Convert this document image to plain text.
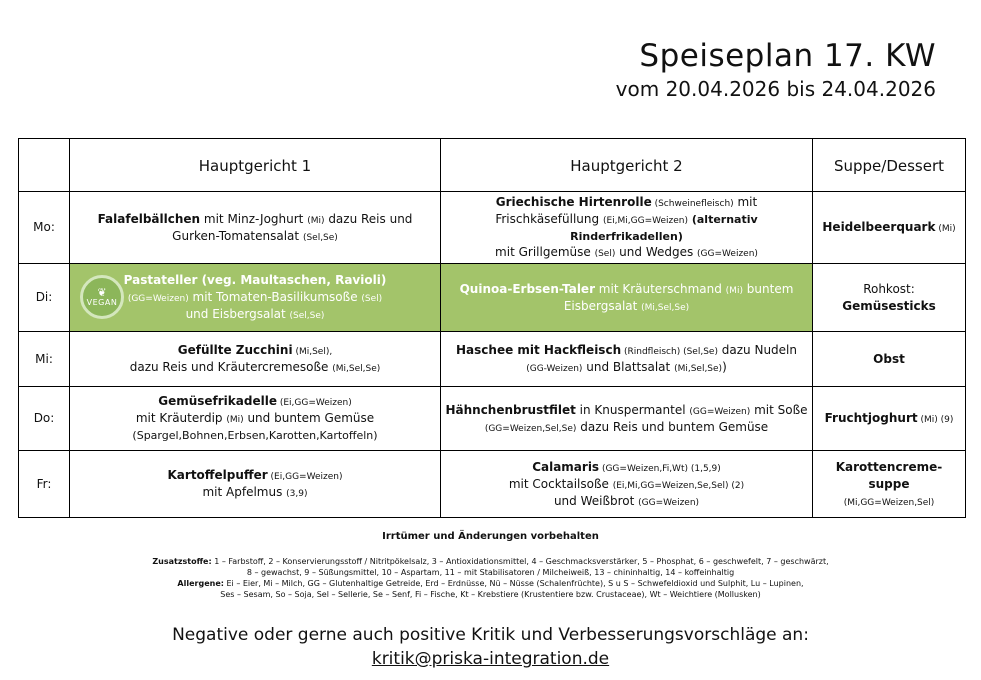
Speiseplan 17. KW
vom 20.04.2026 bis 24.04.2026
	Hauptgericht 1	Hauptgericht 2	Suppe/Dessert
Mo:	Falafelbällchen mit Minz-Joghurt (Mi) dazu Reis und
Gurken-Tomatensalat (Sel,Se)	Griechische Hirtenrolle (Schweinefleisch) mit
Frischkäsefüllung (Ei,Mi,GG=Weizen) (alternativ Rinderfrikadellen)
mit Grillgemüse (Sel) und Wedges (GG=Weizen)	Heidelbeerquark (Mi)
Di:	❦
VEGAN
Pastateller (veg. Maultaschen, Ravioli)
(GG=Weizen) mit Tomaten-Basilikumsoße (Sel)
und Eisbergsalat (Sel,Se)	Quinoa-Erbsen-Taler mit Kräuterschmand (Mi) buntem
Eisbergsalat (Mi,Sel,Se)	Rohkost:
Gemüsesticks
Mi:	Gefüllte Zucchini (Mi,Sel),
dazu Reis und Kräutercremesoße (Mi,Sel,Se)	Haschee mit Hackfleisch (Rindfleisch) (Sel,Se) dazu Nudeln
(GG-Weizen) und Blattsalat (Mi,Sel,Se))	Obst
Do:	Gemüsefrikadelle (Ei,GG=Weizen)
mit Kräuterdip (Mi) und buntem Gemüse
(Spargel,Bohnen,Erbsen,Karotten,Kartoffeln)	Hähnchenbrustfilet in Knuspermantel (GG=Weizen) mit Soße
(GG=Weizen,Sel,Se) dazu Reis und buntem Gemüse	Fruchtjoghurt (Mi) (9)
Fr:	Kartoffelpuffer (Ei,GG=Weizen)
mit Apfelmus (3,9)	Calamaris (GG=Weizen,Fi,Wt) (1,5,9)
mit Cocktailsoße (Ei,Mi,GG=Weizen,Se,Sel) (2)
und Weißbrot (GG=Weizen)	Karottencreme-
suppe
(Mi,GG=Weizen,Sel)
Irrtümer und Änderungen vorbehalten
Zusatzstoffe: 1 – Farbstoff, 2 – Konservierungsstoff / Nitritpökelsalz, 3 – Antioxidationsmittel, 4 – Geschmacksverstärker, 5 – Phosphat, 6 – geschwefelt, 7 – geschwärzt,
8 – gewachst, 9 – Süßungsmittel, 10 – Aspartam, 11 – mit Stabilisatoren / Milcheiweiß, 13 – chininhaltig, 14 – koffeinhaltig
Allergene: Ei – Eier, Mi – Milch, GG – Glutenhaltige Getreide, Erd – Erdnüsse, Nü – Nüsse (Schalenfrüchte), S u S – Schwefeldioxid und Sulphit, Lu – Lupinen,
Ses – Sesam, So – Soja, Sel – Sellerie, Se – Senf, Fi – Fische, Kt – Krebstiere (Krustentiere bzw. Crustaceae), Wt – Weichtiere (Mollusken)
Negative oder gerne auch positive Kritik und Verbesserungsvorschläge an:
kritik@priska-integration.de
